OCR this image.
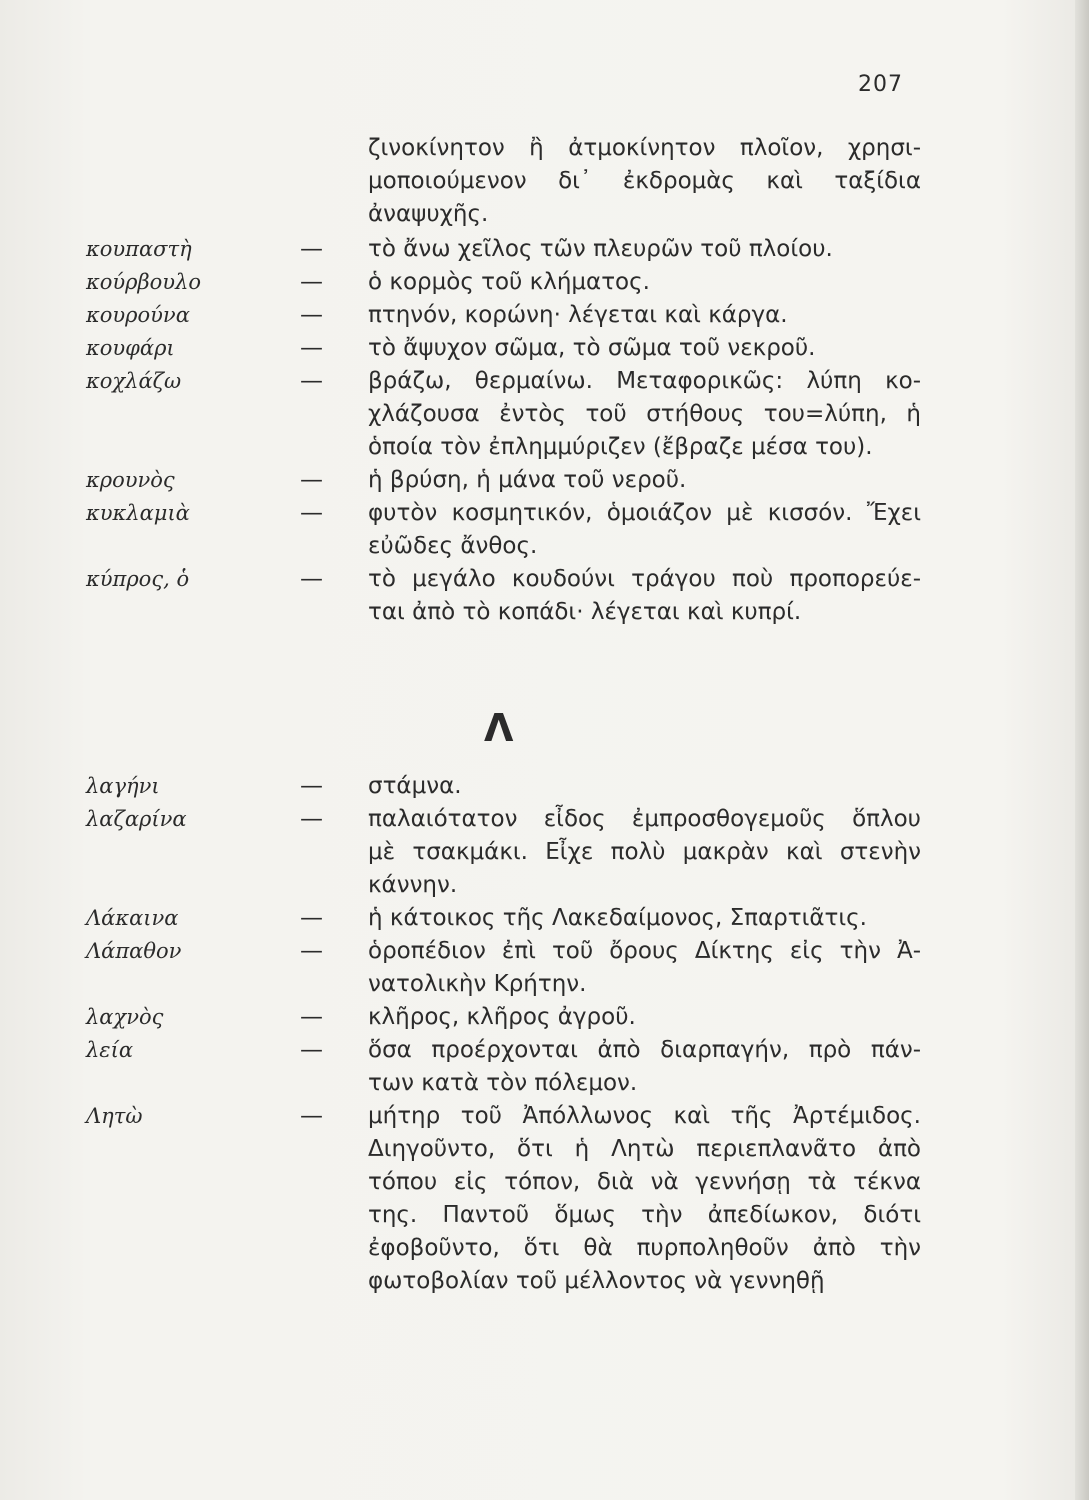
207
ζινοκίνητον ἢ ἀτμοκίνητον πλοῖον, χρησι-
μοποιούμενον δι᾽ ἐκδρομὰς καὶ ταξίδια
ἀναψυχῆς.
κουπαστὴ	— τὸ ἄνω χεῖλος τῶν πλευρῶν τοῦ πλοίου.
κούρβουλο	— ὁ κορμὸς τοῦ κλήματος.
κουρούνα	— πτηνόν, κορώνη· λέγεται καὶ κάργα.
κουφάρι	— τὸ ἄψυχον σῶμα, τὸ σῶμα τοῦ νεκροῦ.
κοχλάζω	— βράζω, θερμαίνω. Μεταφορικῶς: λύπη κο-
χλάζουσα ἐντὸς τοῦ στήθους του=λύπη, ἡ
ὁποία τὸν ἐπλημμύριζεν (ἔβραζε μέσα του).
κρουνὸς	— ἡ βρύση, ἡ μάνα τοῦ νεροῦ.
κυκλαμιὰ	— φυτὸν κοσμητικόν, ὁμοιάζον μὲ κισσόν. Ἔχει
εὐῶδες ἄνθος.
κύπρος, ὁ	— τὸ μεγάλο κουδούνι τράγου ποὺ προπορεύε-
ται ἀπὸ τὸ κοπάδι· λέγεται καὶ κυπρί.
λαγήνι	— στάμνα.
λαζαρίνα	— παλαιότατον εἶδος ἐμπροσθογεμοῦς ὅπλου
μὲ τσακμάκι. Εἶχε πολὺ μακρὰν καὶ στενὴν
κάννην.
Λάκαινα	— ἡ κάτοικος τῆς Λακεδαίμονος, Σπαρτιᾶτις.
Λάπαθον	— ὁροπέδιον ἐπὶ τοῦ ὄρους Δίκτης εἰς τὴν Ἀ-
νατολικὴν Κρήτην.
λαχνὸς	— κλῆρος, κλῆρος ἀγροῦ.
λεία	— ὅσα προέρχονται ἀπὸ διαρπαγήν, πρὸ πάν-
των κατὰ τὸν πόλεμον.
Λητὼ	— μήτηρ τοῦ Ἀπόλλωνος καὶ τῆς Ἀρτέμιδος.
Διηγοῦντο, ὅτι ἡ Λητὼ περιεπλανᾶτο ἀπὸ
τόπου εἰς τόπον, διὰ νὰ γεννήσῃ τὰ τέκνα
της. Παντοῦ ὅμως τὴν ἀπεδίωκον, διότι
ἐφοβοῦντο, ὅτι θὰ πυρποληθοῦν ἀπὸ τὴν
φωτοβολίαν τοῦ μέλλοντος νὰ γεννηθῇ
Λ
